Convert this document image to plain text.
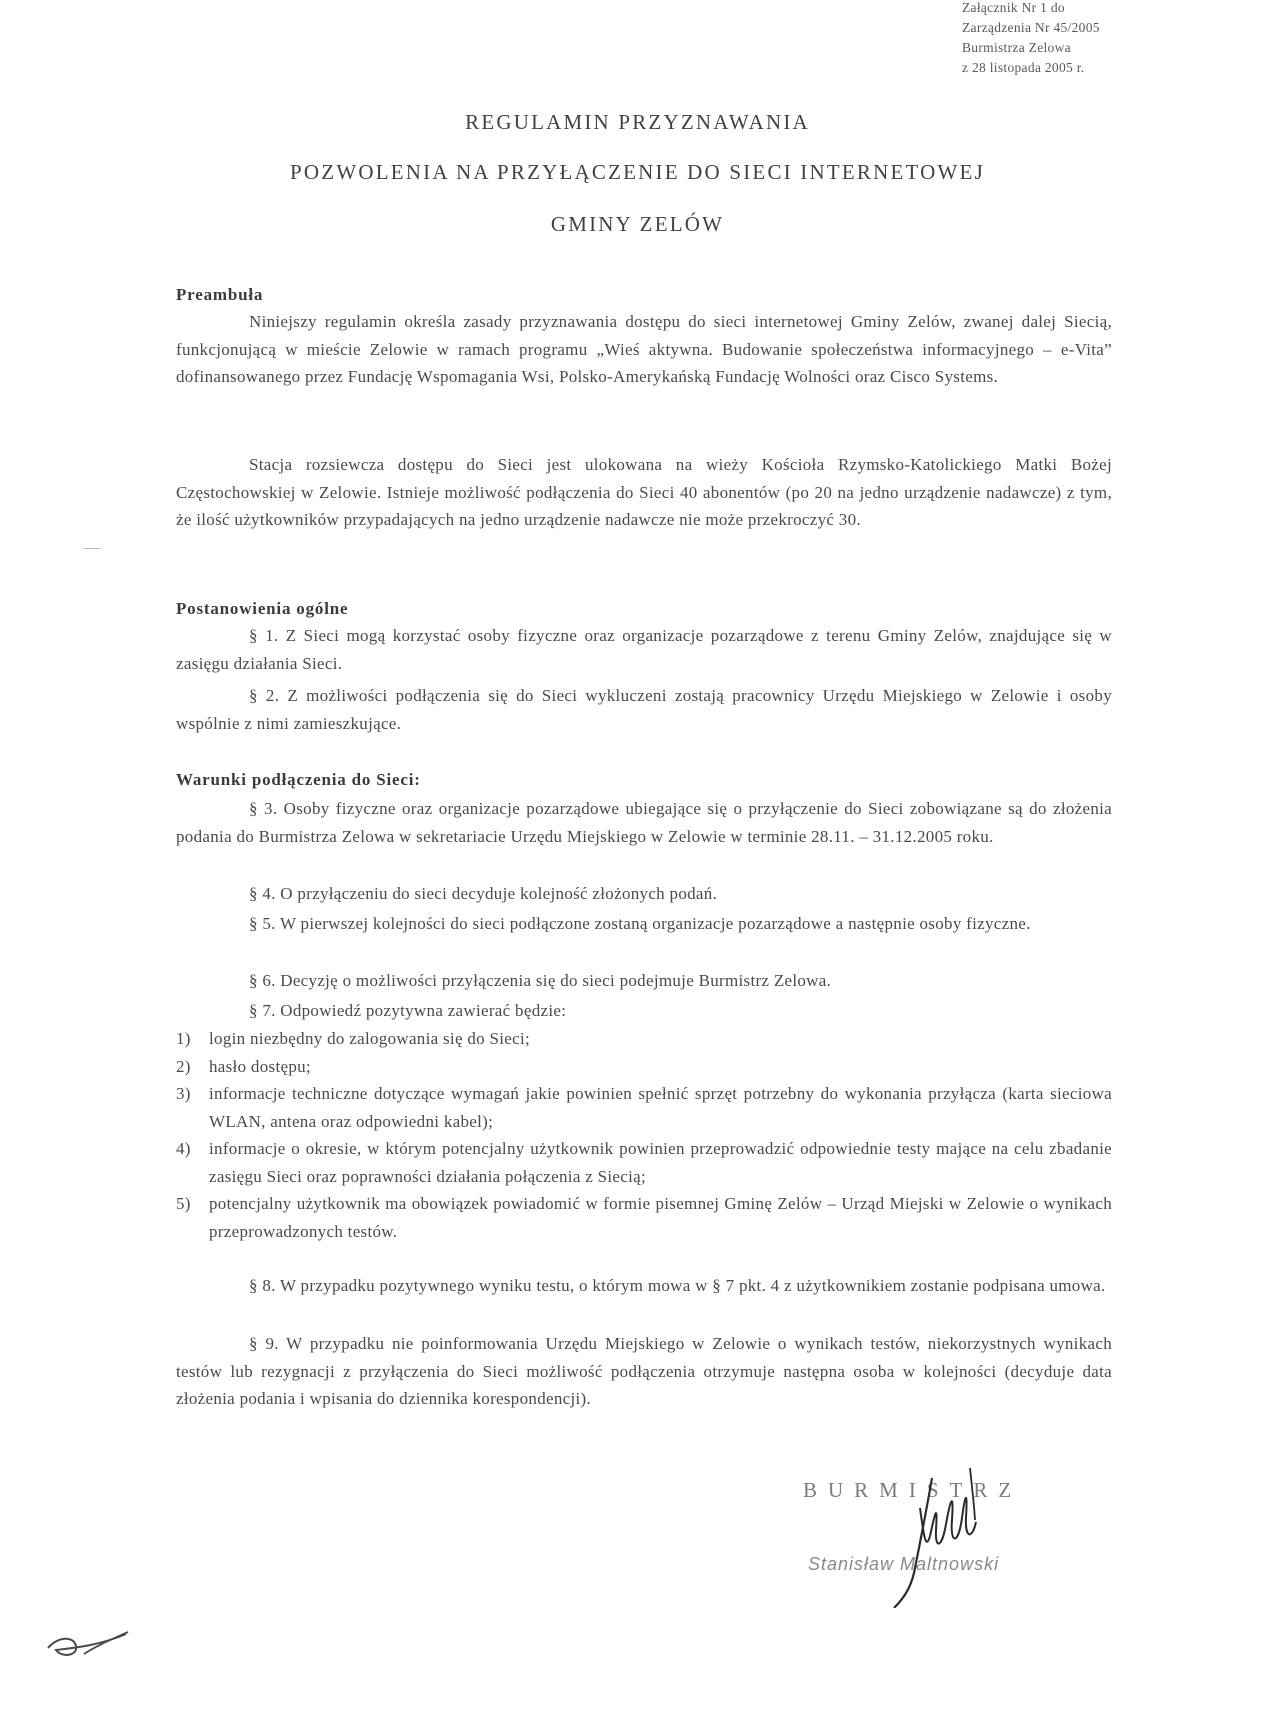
Załącznik Nr 1 do
Zarządzenia Nr 45/2005
Burmistrza Zelowa
z 28 listopada 2005 r.
REGULAMIN PRZYZNAWANIA
POZWOLENIA NA PRZYŁĄCZENIE DO SIECI INTERNETOWEJ
GMINY ZELÓW
Preambuła
Niniejszy regulamin określa zasady przyznawania dostępu do sieci internetowej Gminy Zelów, zwanej dalej Siecią, funkcjonującą w mieście Zelowie w ramach programu „Wieś aktywna. Budowanie społeczeństwa informacyjnego – e-Vita” dofinansowanego przez Fundację Wspomagania Wsi, Polsko-Amerykańską Fundację Wolności oraz Cisco Systems.
Stacja rozsiewcza dostępu do Sieci jest ulokowana na wieży Kościoła Rzymsko-Katolickiego Matki Bożej Częstochowskiej w Zelowie. Istnieje możliwość podłączenia do Sieci 40 abonentów (po 20 na jedno urządzenie nadawcze) z tym, że ilość użytkowników przypadających na jedno urządzenie nadawcze nie może przekroczyć 30.
Postanowienia ogólne
§ 1. Z Sieci mogą korzystać osoby fizyczne oraz organizacje pozarządowe z terenu Gminy Zelów, znajdujące się w zasięgu działania Sieci.
§ 2. Z możliwości podłączenia się do Sieci wykluczeni zostają pracownicy Urzędu Miejskiego w Zelowie i osoby wspólnie z nimi zamieszkujące.
Warunki podłączenia do Sieci:
§ 3. Osoby fizyczne oraz organizacje pozarządowe ubiegające się o przyłączenie do Sieci zobowiązane są do złożenia podania do Burmistrza Zelowa w sekretariacie Urzędu Miejskiego w Zelowie w terminie 28.11. – 31.12.2005 roku.
§ 4. O przyłączeniu do sieci decyduje kolejność złożonych podań.
§ 5. W pierwszej kolejności do sieci podłączone zostaną organizacje pozarządowe a następnie osoby fizyczne.
§ 6. Decyzję o możliwości przyłączenia się do sieci podejmuje Burmistrz Zelowa.
§ 7. Odpowiedź pozytywna zawierać będzie:
1) login niezbędny do zalogowania się do Sieci;
2) hasło dostępu;
3) informacje techniczne dotyczące wymagań jakie powinien spełnić sprzęt potrzebny do wykonania przyłącza (karta sieciowa WLAN, antena oraz odpowiedni kabel);
4) informacje o okresie, w którym potencjalny użytkownik powinien przeprowadzić odpowiednie testy mające na celu zbadanie zasięgu Sieci oraz poprawności działania połączenia z Siecią;
5) potencjalny użytkownik ma obowiązek powiadomić w formie pisemnej Gminę Zelów – Urząd Miejski w Zelowie o wynikach przeprowadzonych testów.
§ 8. W przypadku pozytywnego wyniku testu, o którym mowa w § 7 pkt. 4 z użytkownikiem zostanie podpisana umowa.
§ 9. W przypadku nie poinformowania Urzędu Miejskiego w Zelowie o wynikach testów, niekorzystnych wynikach testów lub rezygnacji z przyłączenia do Sieci możliwość podłączenia otrzymuje następna osoba w kolejności (decyduje data złożenia podania i wpisania do dziennika korespondencji).
BURMISTRZ
Stanisław Maltnowski
